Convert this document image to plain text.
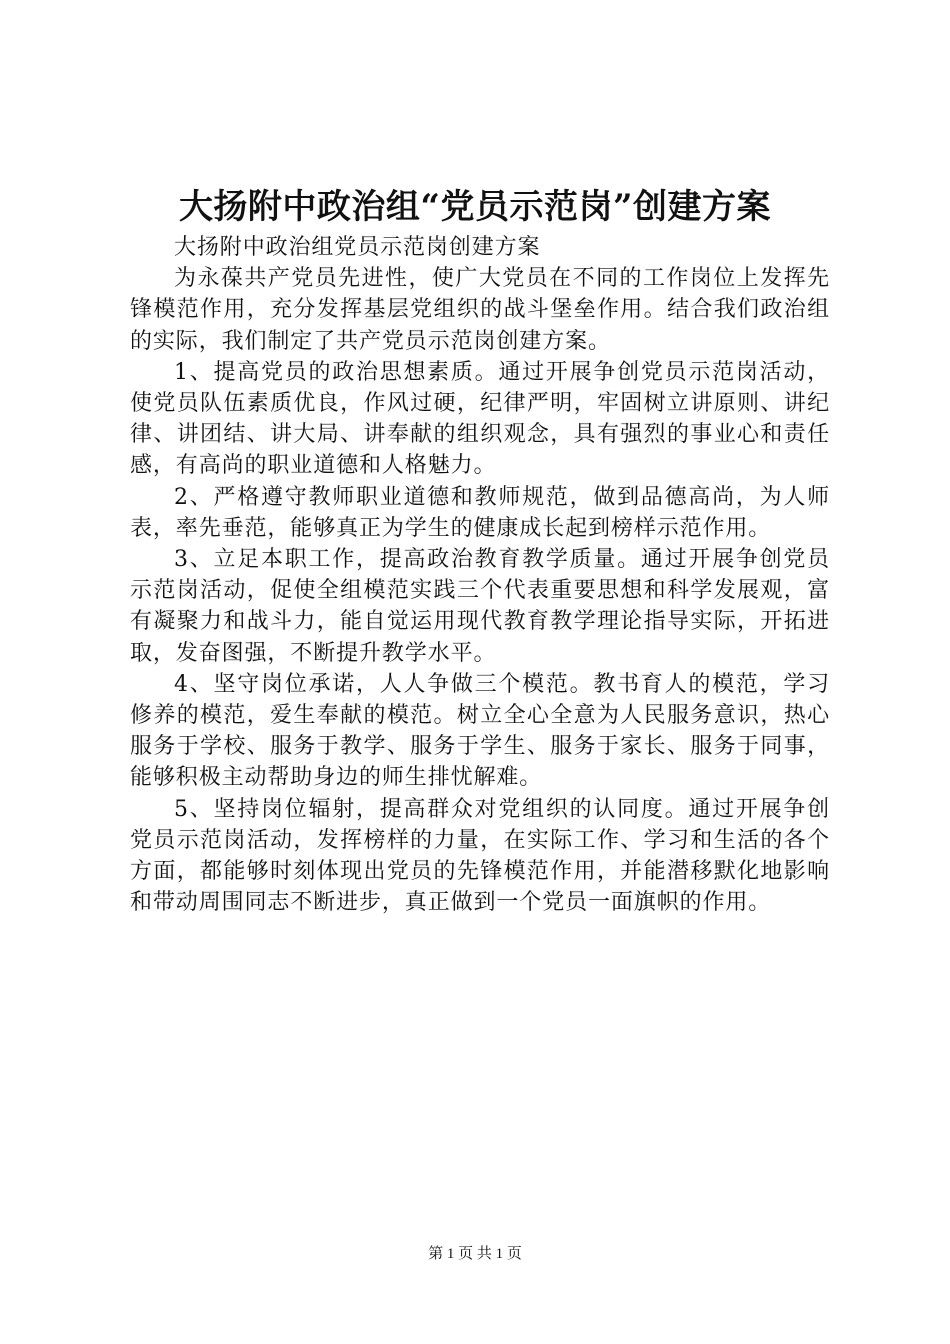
大扬附中政治组“党员示范岗”创建方案

大扬附中政治组党员示范岗创建方案

为永葆共产党员先进性，使广大党员在不同的工作岗位上发挥先锋模范作用，充分发挥基层党组织的战斗堡垒作用。结合我们政治组的实际，我们制定了共产党员示范岗创建方案。

1、提高党员的政治思想素质。通过开展争创党员示范岗活动，使党员队伍素质优良，作风过硬，纪律严明，牢固树立讲原则、讲纪律、讲团结、讲大局、讲奉献的组织观念，具有强烈的事业心和责任感，有高尚的职业道德和人格魅力。

2、严格遵守教师职业道德和教师规范，做到品德高尚，为人师表，率先垂范，能够真正为学生的健康成长起到榜样示范作用。

3、立足本职工作，提高政治教育教学质量。通过开展争创党员示范岗活动，促使全组模范实践三个代表重要思想和科学发展观，富有凝聚力和战斗力，能自觉运用现代教育教学理论指导实际，开拓进取，发奋图强，不断提升教学水平。

4、坚守岗位承诺，人人争做三个模范。教书育人的模范，学习修养的模范，爱生奉献的模范。树立全心全意为人民服务意识，热心服务于学校、服务于教学、服务于学生、服务于家长、服务于同事，能够积极主动帮助身边的师生排忧解难。

5、坚持岗位辐射，提高群众对党组织的认同度。通过开展争创党员示范岗活动，发挥榜样的力量，在实际工作、学习和生活的各个方面，都能够时刻体现出党员的先锋模范作用，并能潜移默化地影响和带动周围同志不断进步，真正做到一个党员一面旗帜的作用。

第 1 页 共 1 页
